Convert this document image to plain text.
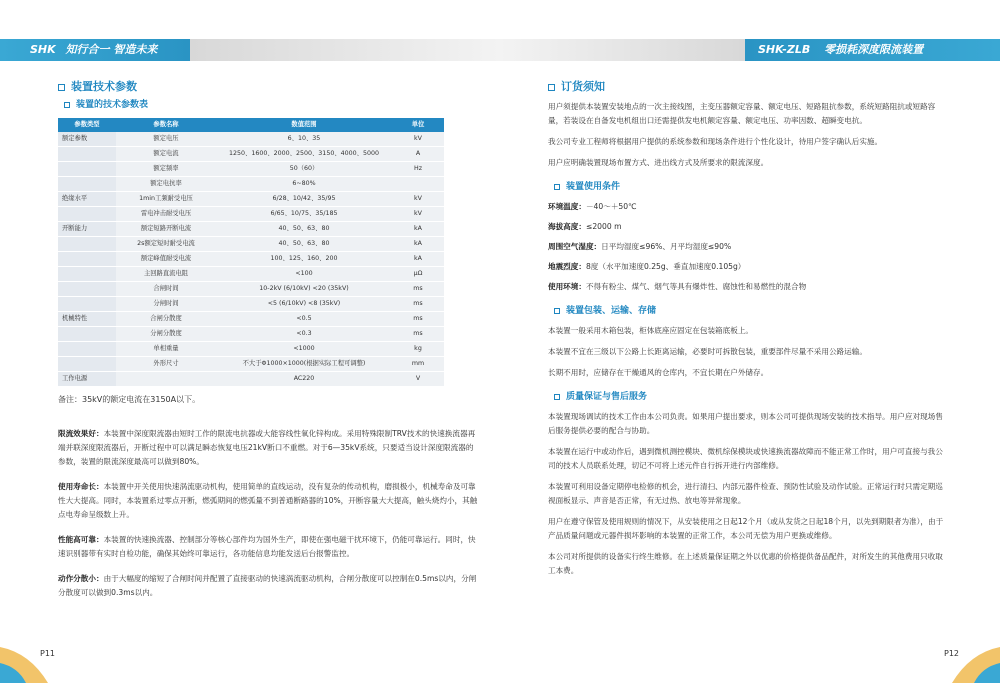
SHK 知行合一 智造未来	SHK-ZLB 零损耗深度限流装置
装置技术参数
装置的技术参数表
参数类型	参数名称	数值范围	单位
额定参数	额定电压	6、10、35	kV
	额定电流	1250、1600、2000、2500、3150、4000、5000	A
	额定频率	50（60）	Hz
	额定电抗率	6~80%	
绝缘水平	1min工频耐受电压	6/28、10/42、35/95	kV
	雷电冲击耐受电压	6/65、10/75、35/185	kV
开断能力	额定短路开断电流	40、50、63、80	kA
	2s额定短时耐受电流	40、50、63、80	kA
	额定峰值耐受电流	100、125、160、200	kA
	主回路直流电阻	<100	μΩ
	合闸时间	10-2kV (6/10kV) <20 (35kV)	ms
	分闸时间	<5 (6/10kV) <8 (35kV)	ms
机械特性	合闸分散度	<0.5	ms
	分闸分散度	<0.3	ms
	单相重量	<1000	kg
	外形尺寸	不大于Φ1000×1000(根据实际工程可调整)	mm
工作电源		AC220	V
备注：35kV的额定电流在3150A以下。

限流效果好：本装置中深度限流器由短时工作的限流电抗器或大能容线性氧化锌构成。采用特殊限制TRV技术的快速换流器再端并联深度限流器后，开断过程中可以满足瞬态恢复电压21kV断口不重燃。对于6—35kV系统，只要适当设计深度限流器的参数，装置的限流深度最高可以做到80%。

使用寿命长：本装置中开关使用快速涡流驱动机构，使用简单的直线运动，没有复杂的传动机构，磨损极小，机械寿命及可靠性大大提高。同时，本装置系过零点开断，燃弧期间的燃弧量不到普通断路器的10%，开断容量大大提高，触头烧灼小，其触点电寿命呈级数上升。

性能高可靠：本装置的快速换流器、控制部分等核心部件均为国外生产，即使在强电磁干扰环境下，仍能可靠运行。同时，快速识别器带有实时自检功能，确保其始终可靠运行，各功能信息均能发送后台报警监控。

动作分散小：由于大幅度的缩短了合闸时间并配置了直接驱动的快速涡流驱动机构，合闸分散度可以控制在0.5ms以内，分闸分散度可以做到0.3ms以内。

P11
订货须知

用户须提供本装置安装地点的一次主接线图，主变压器额定容量、额定电压、短路阻抗参数，系统短路阻抗或短路容量，若装设在自备发电机组出口还需提供发电机额定容量、额定电压、功率因数、超瞬变电抗。

我公司专业工程师将根据用户提供的系统参数和现场条件进行个性化设计，待用户签字确认后实施。

用户应明确装置现场布置方式、进出线方式及所要求的限流深度。

装置使用条件
环境温度：－40～＋50℃
海拔高度：≤2000 m
周围空气湿度：日平均湿度≤96%、月平均湿度≤90%
地震烈度：8度（水平加速度0.25g、垂直加速度0.105g）
使用环境：不得有粉尘、煤气、烟气等具有爆炸性、腐蚀性和易燃性的混合物
装置包装、运输、存储

本装置一般采用木箱包装，柜体底座应固定在包装箱底板上。

本装置不宜在三级以下公路上长距离运输，必要时可拆散包装，重要部件尽量不采用公路运输。

长期不用时，应储存在干燥通风的仓库内，不宜长期在户外储存。

质量保证与售后服务

本装置现场调试的技术工作由本公司负责。如果用户提出要求，则本公司可提供现场安装的技术指导。用户应对现场售后服务提供必要的配合与协助。

本装置在运行中或动作后，遇到微机测控模块、微机综保模块或快速换流器故障而不能正常工作时，用户可直接与我公司的技术人员联系处理，切记不可将上述元件自行拆开进行内部维修。

本装置可利用设备定期停电检修的机会，进行清扫、内部元器件检查、预防性试验及动作试验。正常运行时只需定期巡视面板显示、声音是否正常，有无过热、放电等异常现象。

用户在遵守保管及使用规则的情况下，从安装使用之日起12个月（或从发货之日起18个月，以先到期限者为准），由于产品质量问题或元器件损坏影响的本装置的正常工作，本公司无偿为用户更换或维修。

本公司对所提供的设备实行终生维修。在上述质量保证期之外以优惠的价格提供备品配件，对所发生的其他费用只收取工本费。

P12
